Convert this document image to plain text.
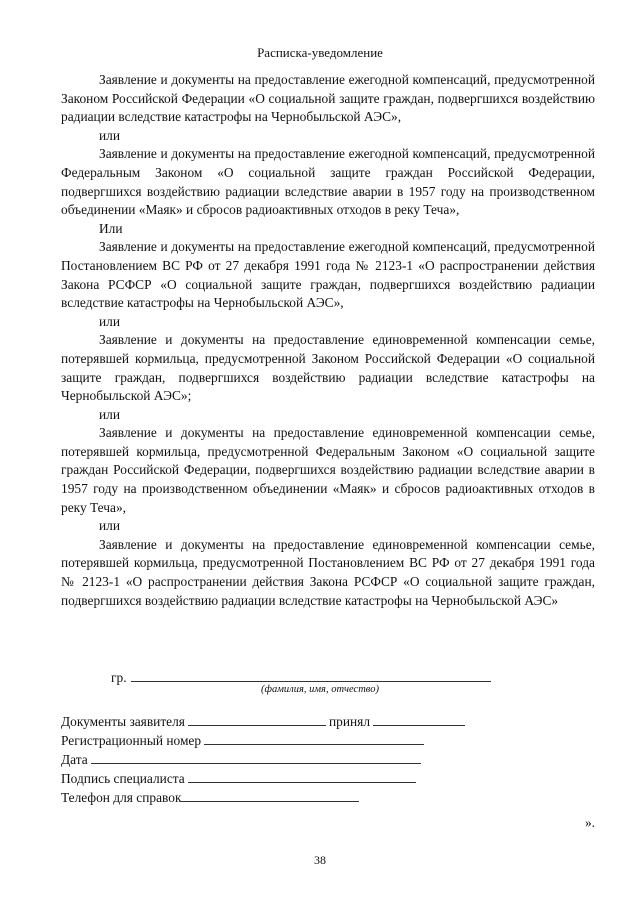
Расписка-уведомление

Заявление и документы на предоставление ежегодной компенсаций, предусмотренной Законом Российской Федерации «О социальной защите граждан, подвергшихся воздействию радиации вследствие катастрофы на Чернобыльской АЭС»,

или

Заявление и документы на предоставление ежегодной компенсаций, предусмотренной Федеральным Законом «О социальной защите граждан Российской Федерации, подвергшихся воздействию радиации вследствие аварии в 1957 году на производственном объединении «Маяк» и сбросов радиоактивных отходов в реку Теча»,

Или

Заявление и документы на предоставление ежегодной компенсаций, предусмотренной Постановлением ВС РФ от 27 декабря 1991 года № 2123-1 «О распространении действия Закона РСФСР «О социальной защите граждан, подвергшихся воздействию радиации вследствие катастрофы на Чернобыльской АЭС»,

или

Заявление и документы на предоставление единовременной компенсации семье, потерявшей кормильца, предусмотренной Законом Российской Федерации «О социальной защите граждан, подвергшихся воздействию радиации вследствие катастрофы на Чернобыльской АЭС»;

или

Заявление и документы на предоставление единовременной компенсации семье, потерявшей кормильца, предусмотренной Федеральным Законом «О социальной защите граждан Российской Федерации, подвергшихся воздействию радиации вследствие аварии в 1957 году на производственном объединении «Маяк» и сбросов радиоактивных отходов в реку Теча»,

или

Заявление и документы на предоставление единовременной компенсации семье, потерявшей кормильца, предусмотренной Постановлением ВС РФ от 27 декабря 1991 года № 2123-1 «О распространении действия Закона РСФСР «О социальной защите граждан, подвергшихся воздействию радиации вследствие катастрофы на Чернобыльской АЭС»

гр.
(фамилия, имя, отчество)
Документы заявителя	принял
Регистрационный номер
Дата
Подпись специалиста
Телефон для справок
».
38
